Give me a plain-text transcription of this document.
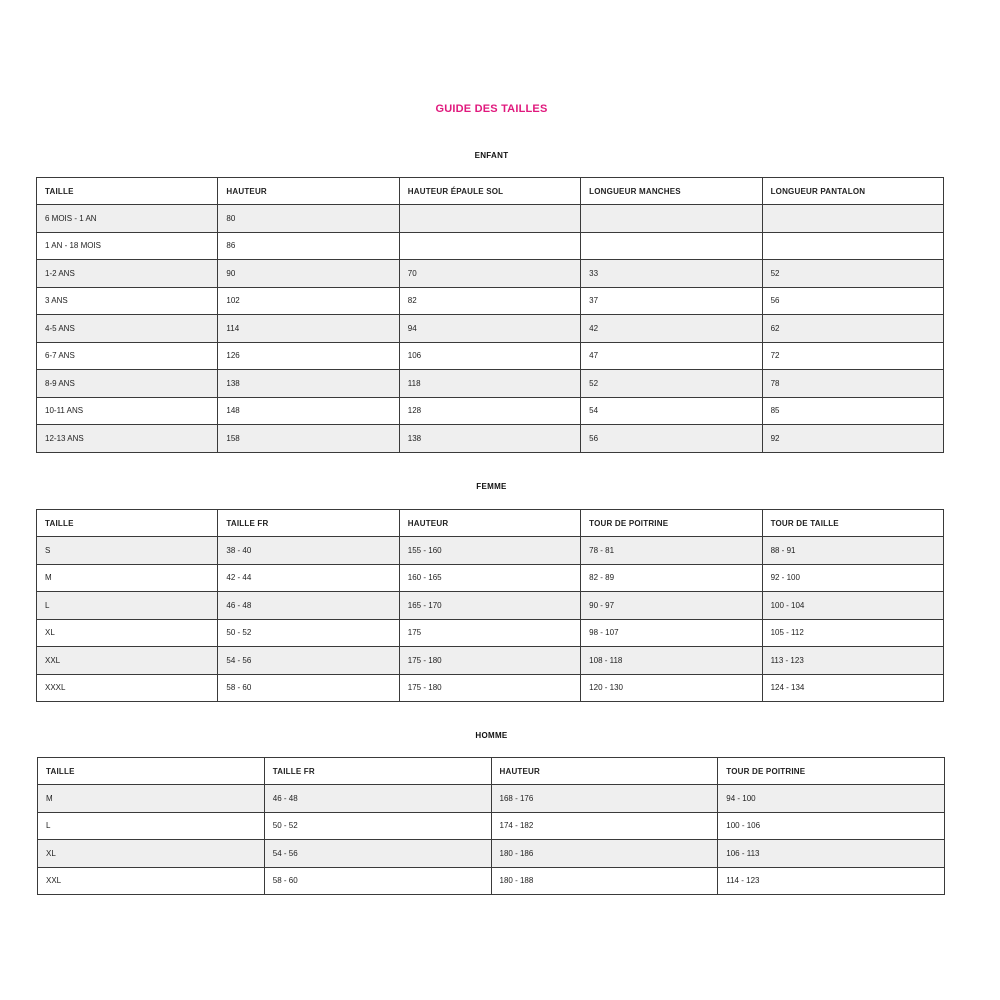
GUIDE DES TAILLES
ENFANT
TAILLE	HAUTEUR	HAUTEUR ÉPAULE SOL	LONGUEUR MANCHES	LONGUEUR PANTALON
6 MOIS - 1 AN	80			
1 AN - 18 MOIS	86			
1-2 ANS	90	70	33	52
3 ANS	102	82	37	56
4-5 ANS	114	94	42	62
6-7 ANS	126	106	47	72
8-9 ANS	138	118	52	78
10-11 ANS	148	128	54	85
12-13 ANS	158	138	56	92
FEMME
TAILLE	TAILLE FR	HAUTEUR	TOUR DE POITRINE	TOUR DE TAILLE
S	38 - 40	155 - 160	78 - 81	88 - 91
M	42 - 44	160 - 165	82 - 89	92 - 100
L	46 - 48	165 - 170	90 - 97	100 - 104
XL	50 - 52	175	98 - 107	105 - 112
XXL	54 - 56	175 - 180	108 - 118	113 - 123
XXXL	58 - 60	175 - 180	120 - 130	124 - 134
HOMME
TAILLE	TAILLE FR	HAUTEUR	TOUR DE POITRINE
M	46 - 48	168 - 176	94 - 100
L	50 - 52	174 - 182	100 - 106
XL	54 - 56	180 - 186	106 - 113
XXL	58 - 60	180 - 188	114 - 123
